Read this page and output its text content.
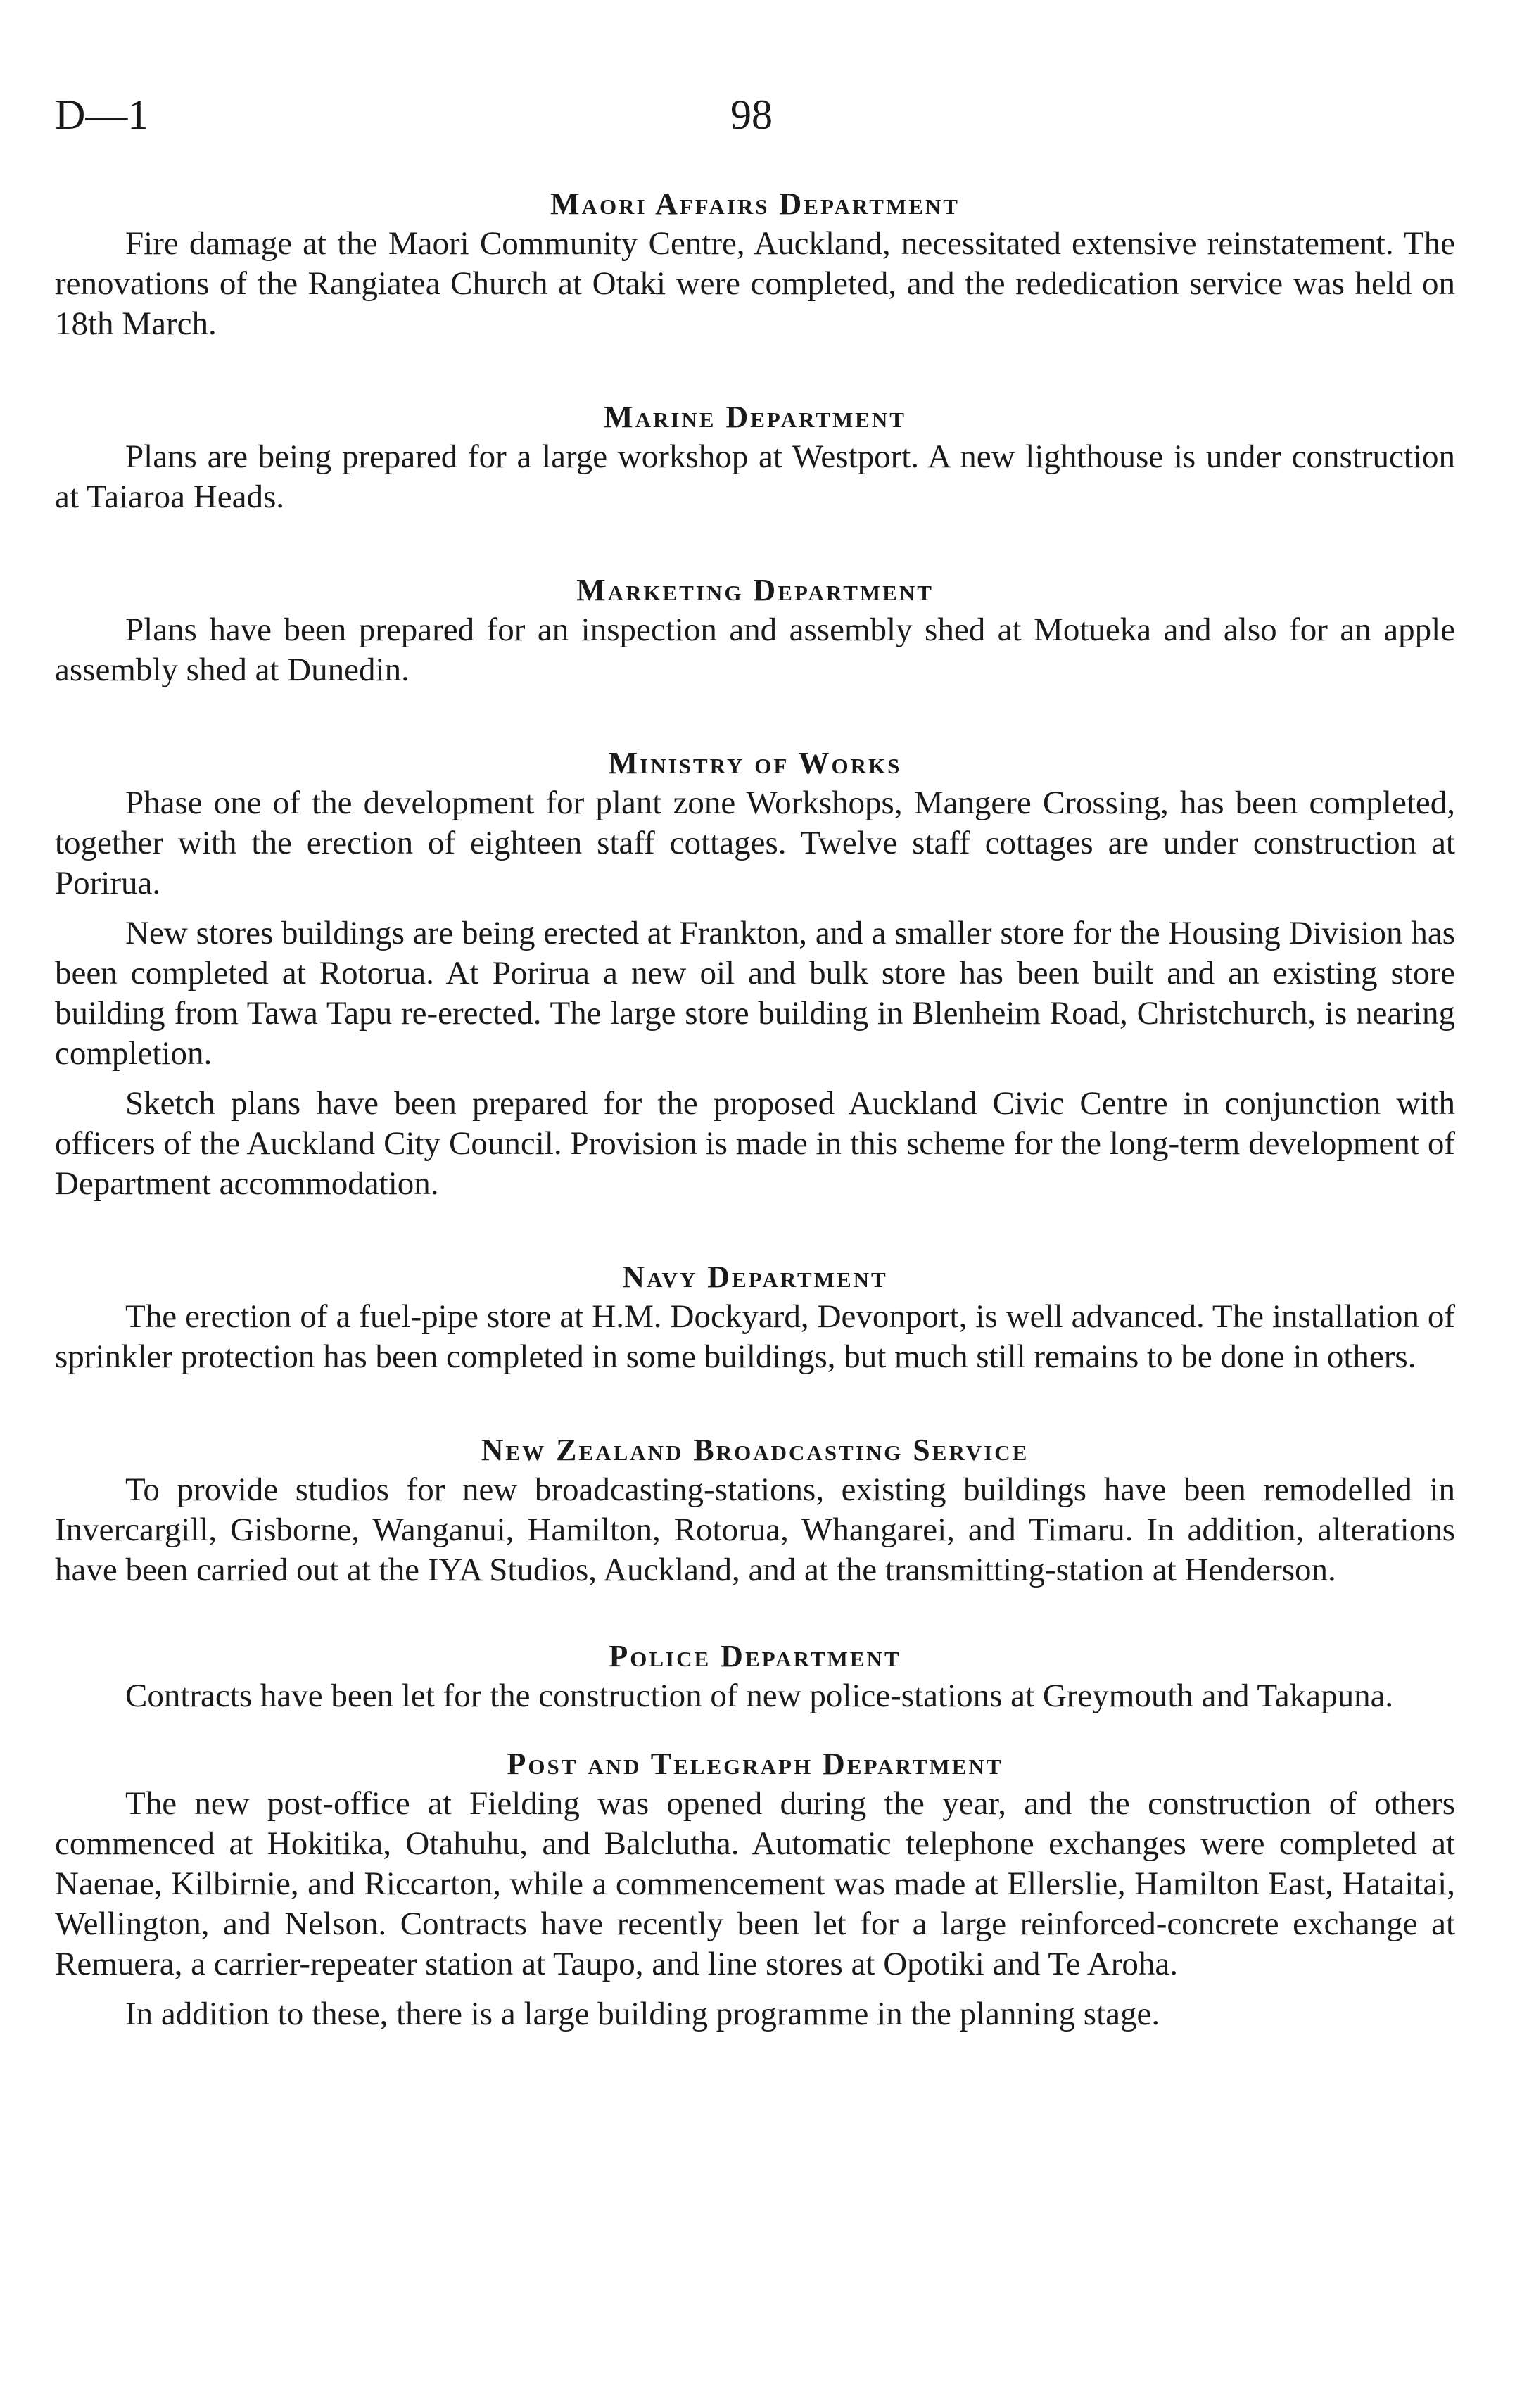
D—1	98
Maori Affairs Department

Fire damage at the Maori Community Centre, Auckland, necessitated extensive reinstatement. The renovations of the Rangiatea Church at Otaki were completed, and the rededication service was held on 18th March.

Marine Department

Plans are being prepared for a large workshop at Westport. A new lighthouse is under construction at Taiaroa Heads.

Marketing Department

Plans have been prepared for an inspection and assembly shed at Motueka and also for an apple assembly shed at Dunedin.

Ministry of Works

Phase one of the development for plant zone Workshops, Mangere Crossing, has been completed, together with the erection of eighteen staff cottages. Twelve staff cottages are under construction at Porirua.

New stores buildings are being erected at Frankton, and a smaller store for the Housing Division has been completed at Rotorua. At Porirua a new oil and bulk store has been built and an existing store building from Tawa Tapu re-erected. The large store building in Blenheim Road, Christchurch, is nearing completion.

Sketch plans have been prepared for the proposed Auckland Civic Centre in conjunction with officers of the Auckland City Council. Provision is made in this scheme for the long-term development of Department accommodation.

Navy Department

The erection of a fuel-pipe store at H.M. Dockyard, Devonport, is well advanced. The installation of sprinkler protection has been completed in some buildings, but much still remains to be done in others.

New Zealand Broadcasting Service

To provide studios for new broadcasting-stations, existing buildings have been remodelled in Invercargill, Gisborne, Wanganui, Hamilton, Rotorua, Whangarei, and Timaru. In addition, alterations have been carried out at the IYA Studios, Auckland, and at the transmitting-station at Henderson.

Police Department

Contracts have been let for the construction of new police-stations at Greymouth and Takapuna.

Post and Telegraph Department

The new post-office at Fielding was opened during the year, and the construction of others commenced at Hokitika, Otahuhu, and Balclutha. Automatic telephone exchanges were completed at Naenae, Kilbirnie, and Riccarton, while a commencement was made at Ellerslie, Hamilton East, Hataitai, Wellington, and Nelson. Contracts have recently been let for a large reinforced-concrete exchange at Remuera, a carrier-repeater station at Taupo, and line stores at Opotiki and Te Aroha.

In addition to these, there is a large building programme in the planning stage.
